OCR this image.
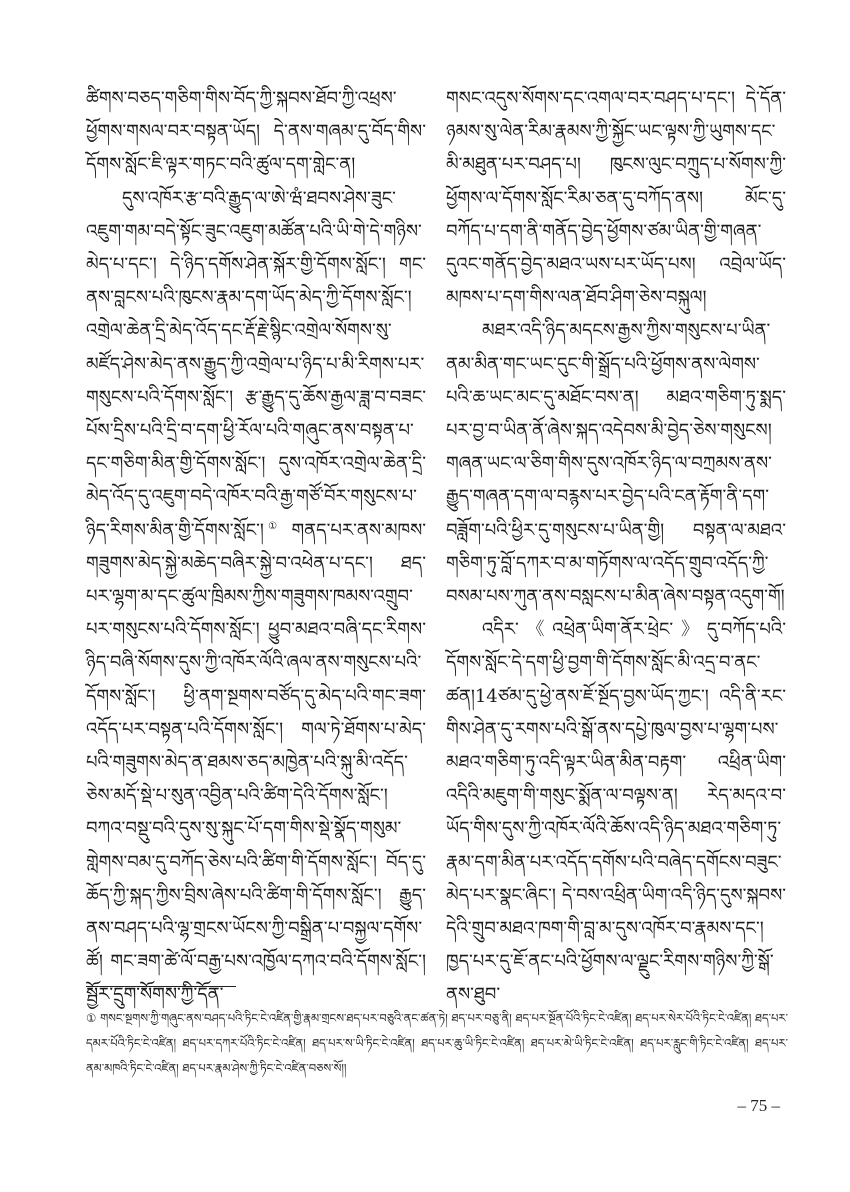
ཚིགས་བཅད་གཅིག་གིས་བོད་ཀྱི་སྐབས་ཐོབ་ཀྱི་འཕྲས་ཕྱོགས་གསལ་བར་བསྟན་ཡོད། དེ་ནས་གཞམ་དུ་བོད་གིས་དོགས་སློང་ཇི་ལྟར་གཏང་བའི་ཚུལ་དག་གླེང་ན།

དུས་འཁོར་རྩ་བའི་རྒྱུད་ལ་ཨེ་ཝཾ་ཐབས་ཤེས་ཟུང་འཇུག་གམ་བདེ་སྟོང་ཟུང་འཇུག་མཚོན་པའི་ཡི་གེ་དེ་གཉིས་མེད་པ་དང་། དེ་ཉིད་དགོས་ཤེན་སྐོར་གྱི་དོགས་སློང་། གང་ནས་བླངས་པའི་ཁུངས་རྣམ་དག་ཡོད་མེད་ཀྱི་དོགས་སློང་། འགྲེལ་ཆེན་དྲི་མེད་འོད་དང་རྡོ་རྗེ་སྙིང་འགྲེལ་སོགས་སུ་མཛོད་ཤེས་མེད་ནས་རྒྱུད་ཀྱི་འགྲེལ་པ་ཉིད་པ་མི་རིགས་པར་གསུངས་པའི་དོགས་སློང་། རྩ་རྒྱུད་དུ་ཆོས་རྒྱལ་ཟླ་བ་བཟང་པོས་དྲིས་པའི་དྲི་བ་དག་ཕྱི་རོལ་པའི་གཞུང་ནས་བསྟན་པ་དང་གཅིག་མིན་གྱི་དོགས་སློང་། དུས་འཁོར་འགྲེལ་ཆེན་དྲི་མེད་འོད་དུ་འཇུག་བདེ་འཁོར་བའི་རྒྱ་གཙོ་བོར་གསུངས་པ་ཉིད་རིགས་མིན་གྱི་དོགས་སློང་།① གནད་པར་ནས་མཁས་གཟུགས་མེད་སྐྱེ་མཆེད་བཞིར་སྐྱེ་བ་འཕེན་པ་དང་། ཐད་པར་ལྷག་མ་དང་ཚུལ་ཁྲིམས་ཀྱིས་གཟུགས་ཁམས་འགྲུབ་པར་གསུངས་པའི་དོགས་སློང་། ཕྱུབ་མཐའ་བཞི་དང་རིགས་ཉིད་བཞི་སོགས་དུས་ཀྱི་འཁོར་ལོའི་ཞལ་ནས་གསུངས་པའི་དོགས་སློང་། ཕྱི་ནག་སྔགས་བཙོད་དུ་མེད་པའི་གང་ཟག་འདོད་པར་བསྟན་པའི་དོགས་སློང་། གལ་ཏེ་ཐོགས་པ་མེད་པའི་གཟུགས་མེད་ན་ཐམས་ཅད་མཁྱེན་པའི་སྐུ་མི་འདོད་ཅེས་མདོ་སྡེ་པ་སུན་འབྱིན་པའི་ཚིག་དེའི་དོགས་སློང་། བཀའ་བསྡུ་བའི་དུས་སུ་སྐུང་པོ་དག་གིས་སྡེ་སྣོད་གསུམ་གླེགས་བམ་དུ་བཀོད་ཅེས་པའི་ཚིག་གི་དོགས་སློང་། བོད་དུ་ཆོད་ཀྱི་སྐད་ཀྱིས་བྲིས་ཞེས་པའི་ཚིག་གི་དོགས་སློང་། རྒྱུད་ནས་བཤད་པའི་ལྷ་གྲངས་ཡོངས་ཀྱི་བསྒྲིན་པ་བསྐྱལ་དགོས་ཚོ། གང་ཟག་ཚེ་ལོ་བརྒྱ་པས་འཁྱོལ་དཀའ་བའི་དོགས་སློང་། སྦྱོར་དྲུག་སོགས་ཀྱི་དོན་

གསང་འདུས་སོགས་དང་འགལ་བར་བཤད་པ་དང་། དེ་དོན་ཉམས་སུ་ལེན་རིམ་རྣམས་ཀྱི་སྐྱོང་ཡང་ལྟས་ཀྱི་ཡུགས་དང་མི་མཐུན་པར་བཤད་པ། ཁུངས་ལུང་བཀྲུད་པ་སོགས་ཀྱི་ཕྱོགས་ལ་དོགས་སློང་རིམ་ཅན་དུ་བཀོད་ནས། མོང་དུ་བཀོད་པ་དག་ནི་གནོད་བྱེད་ཕྱོགས་ཙམ་ཡིན་གྱི་གཞན་དུའང་གནོད་བྱེད་མཐའ་ཡས་པར་ཡོད་པས། འབྲེལ་ཡོད་མཁས་པ་དག་གིས་ལན་ཐོབ་ཤིག་ཅེས་བསྐུལ།

མཐར་འདི་ཉིད་མདངས་རྒྱས་ཀྱིས་གསུངས་པ་ཡིན་ནམ་མིན་གང་ཡང་དུང་གི་སྒྲོད་པའི་ཕྱོགས་ནས་ལེགས་པའི་ཆ་ཡང་མང་དུ་མཐོང་བས་ན། མཐའ་གཅིག་ཏུ་སྨད་པར་བྱ་བ་ཡིན་ནོ་ཞེས་སྐད་འདེབས་མི་བྱེད་ཅེས་གསུངས། གཞན་ཡང་ལ་ཅིག་གིས་དུས་འཁོར་ཉིད་ལ་བཀྲམས་ནས་རྒྱུད་གཞན་དག་ལ་བརྙས་པར་བྱེད་པའི་ངན་རྟོག་ནི་དག་བཟློག་པའི་ཕྱིར་དུ་གསུངས་པ་ཡིན་གྱི། བསྟན་ལ་མཐའ་གཅིག་ཏུ་བློ་དཀར་བ་མ་གཏོགས་ལ་འདོད་གྲུབ་འདོད་ཀྱི་བསམ་པས་ཀུན་ནས་བསླངས་པ་མིན་ཞེས་བསྟན་འདུག་གོ།

འདིར་《འཕྲེན་ཡིག་ནོར་ཕྲེང་》དུ་བཀོད་པའི་དོགས་སློང་དེ་དག་ཕྱི་བྱག་གི་དོགས་སློང་མི་འདྲ་བ་ནང་ཚན།14ཙམ་དུ་ཕྱེ་ནས་ཇོ་སྔོད་བྱས་ཡོད་ཀྱང་། འདི་ནི་རང་གིས་ཤེན་དུ་རགས་པའི་སྒོ་ནས་དཔྱེ་ཁུལ་བྱས་པ་ལྷག་པས་མཐའ་གཅིག་ཏུ་འདི་ལྟར་ཡིན་མིན་བརྟག་ འཕྲིན་ཡིག་འདིའི་མཇུག་གི་གསུང་སྨོན་ལ་བལྟས་ན། རེད་མདའ་བ་ཡོད་གིས་དུས་ཀྱི་འཁོར་ལོའི་ཆོས་འདི་ཉིད་མཐའ་གཅིག་ཏུ་རྣམ་དག་མིན་པར་འདོད་དགོས་པའི་བཞེད་དགོངས་བཟུང་མེད་པར་སྣང་ཞིང་། དེ་བས་འཕྲིན་ཡིག་འདི་ཉིད་དུས་སྐབས་དེའི་གྲུབ་མཐའ་ཁག་གི་བླ་མ་དུས་འཁོར་བ་རྣམས་དང་། ཁྱད་པར་དུ་ཇོ་ནང་པའི་ཕྱོགས་ལ་ལྗུང་རིགས་གཉིས་ཀྱི་སྒོ་ནས་ཐུབ་

① གསང་སྔགས་ཀྱི་གཞུང་ནས་བཤད་པའི་ཏིང་ངེ་འཛིན་གྱི་རྣམ་གྲངས་ཐད་པར་བཅུའི་ནང་ཚན་ཏེ། ཐད་པར་བཅུ་ནི། ཐད་པར་སྔོན་པོའི་ཏིང་ངེ་འཛིན། ཐད་པར་སེར་པོའི་ཏིང་ངེ་འཛིན། ཐད་པར་དམར་པོའི་ཏིང་ངེ་འཛིན། ཐད་པར་དཀར་པོའི་ཏིང་ངེ་འཛིན། ཐད་པར་ས་ཡི་ཏིང་ངེ་འཛིན། ཐད་པར་ཆུ་ཡི་ཏིང་ངེ་འཛིན། ཐད་པར་མེ་ཡི་ཏིང་ངེ་འཛིན། ཐད་པར་རླུང་གི་ཏིང་ངེ་འཛིན། ཐད་པར་ནམ་མཁའི་ཏིང་ངེ་འཛིན། ཐད་པར་རྣམ་ཤེས་ཀྱི་ཏིང་ངེ་འཛིན་བཅས་སོ།།
– 75 –
